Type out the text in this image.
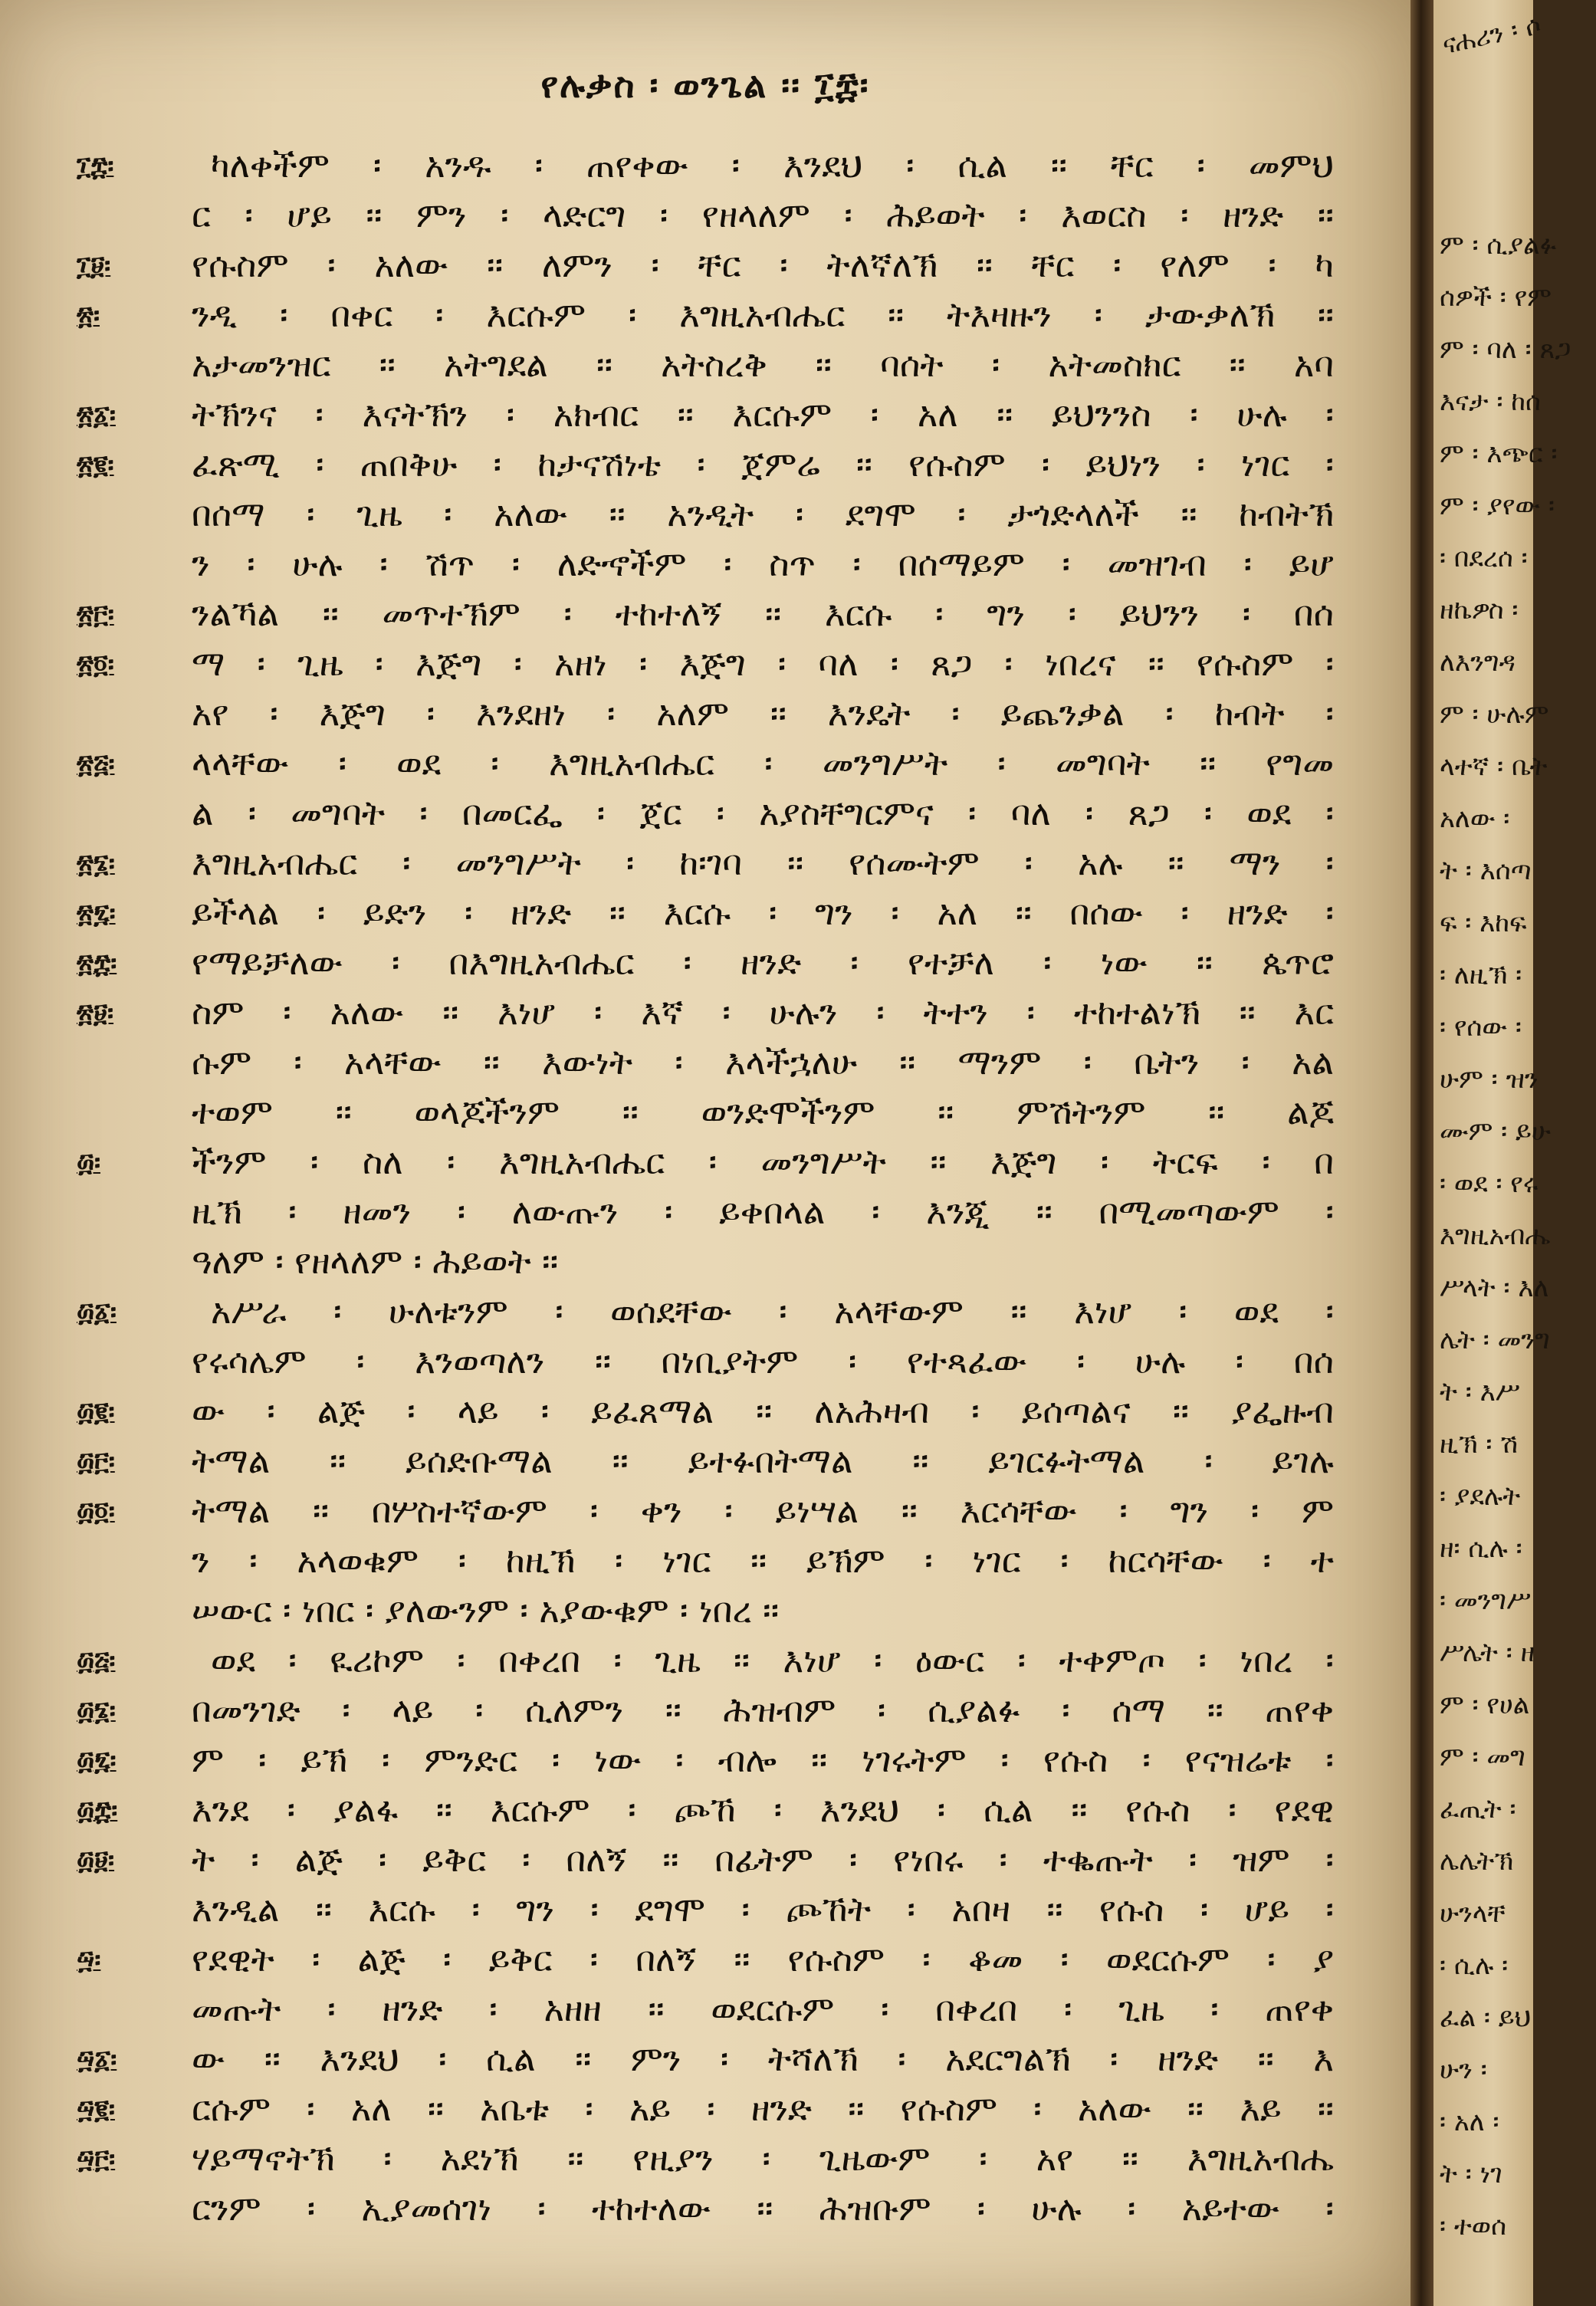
የሉቃስ ፡ ወንጌል ፡፡ ፲፰፡
፲፰፡	ካለቀችም ፡ አንዱ ፡ ጠየቀው ፡ እንደህ ፡ ሲል ፡፡ ቸር ፡ መምህ
ር ፡ ሆይ ፡፡ ምን ፡ ላድርግ ፡ የዘላለም ፡ ሕይወት ፡ እወርስ ፡ ዘንድ ፡፡
፲፱፡ የሱስም ፡ አለው ፡፡ ለምን ፡ ቸር ፡ ትለኛለኽ ፡፡ ቸር ፡ የለም ፡ ካ
፳፡	ንዲ ፡ በቀር ፡ እርሱም ፡ እግዚአብሔር ፡፡ ትእዛዙን ፡ ታውቃለኽ ፡፡
አታመንዝር ፡፡ አትግደል ፡፡ አትስረቅ ፡፡ ባሰት ፡ አትመስክር ፡፡ አባ
፳፩፡ ትኽንና ፡ እናትኽን ፡ አክብር ፡፡ እርሱም ፡ አለ ፡፡ ይህንንስ ፡ ሁሉ ፡
፳፪፡ ፈጽሚ ፡ ጠበቅሁ ፡ ከታናሽነቴ ፡ ጀምሬ ፡፡ የሱስም ፡ ይህነን ፡ ነገር ፡
በሰማ ፡ ጊዜ ፡ አለው ፡፡ አንዲት ፡ ደግሞ ፡ ታጎድላለች ፡፡ ከብትኽ
ን ፡ ሁሉ ፡ ሽጥ ፡ ለድኆችም ፡ ስጥ ፡ በሰማይም ፡ መዝገብ ፡ ይሆ
፳፫፡ ንልኻል ፡፡ መጥተኽም ፡ ተከተለኝ ፡፡ እርሱ ፡ ግን ፡ ይህንን ፡ በሰ
፳፬፡ ማ ፡ ጊዜ ፡ እጅግ ፡ አዘነ ፡ እጅግ ፡ ባለ ፡ ጸጋ ፡ ነበረና ፡፡ የሱስም ፡
አየ ፡ እጅግ ፡ እንደዘነ ፡ አለም ፡፡ እንዴት ፡ ይጨንቃል ፡ ከብት ፡
፳፭፡ ላላቸው ፡ ወደ ፡ እግዚአብሔር ፡ መንግሥት ፡ መግባት ፡፡ የግመ
ል ፡ መግባት ፡ በመርፌ ፡ ጀር ፡ አያስቸግርምና ፡ ባለ ፡ ጸጋ ፡ ወደ ፡
፳፮፡ እግዚአብሔር ፡ መንግሥት ፡ ከ፡ገባ ፡፡ የሰሙትም ፡ አሉ ፡፡ ማን ፡
፳፯፡ ይችላል ፡ ይድን ፡ ዘንድ ፡፡ እርሱ ፡ ግን ፡ አለ ፡፡ በሰው ፡ ዘንድ ፡
፳፰፡ የማይቻለው ፡ በእግዚአብሔር ፡ ዘንድ ፡ የተቻለ ፡ ነው ፡፡ ጴጥሮ
፳፱፡ ስም ፡ አለው ፡፡ እነሆ ፡ እኛ ፡ ሁሉን ፡ ትተን ፡ ተከተልነኽ ፡፡ እር
ሱም ፡ አላቸው ፡፡ እውነት ፡ እላችኋለሁ ፡፡ ማንም ፡ ቤትን ፡ አል
ተወም ፡፡ ወላጆችንም ፡፡ ወንድሞችንም ፡፡ ምሽትንም ፡፡ ልጆ
፴፡	ችንም ፡ ስለ ፡ እግዚአብሔር ፡ መንግሥት ፡፡ እጅግ ፡ ትርፍ ፡ በ
ዚኽ ፡ ዘመን ፡ ለውጡን ፡ ይቀበላል ፡ እንጂ ፡፡ በሚመጣውም ፡
ዓለም ፡ የዘላለም ፡ ሕይወት ፡፡
፴፩፡	አሥራ ፡ ሁለቱንም ፡ ወሰደቸው ፡ አላቸውም ፡፡ እነሆ ፡ ወደ ፡
የሩሳሌም ፡ እንወጣለን ፡፡ በነቢያትም ፡ የተጻፈው ፡ ሁሉ ፡ በሰ
፴፪፡ ው ፡ ልጅ ፡ ላይ ፡ ይፈጸማል ፡፡ ለአሕዛብ ፡ ይሰጣልና ፡፡ ያፌዙብ
፴፫፡ ትማል ፡፡ ይሰድቡማል ፡፡ ይተፉበትማል ፡፡ ይገርፉትማል ፡ ይገሉ
፴፬፡ ትማል ፡፡ በሦስተኛውም ፡ ቀን ፡ ይነሣል ፡፡ እርሳቸው ፡ ግን ፡ ም
ን ፡ አላወቁም ፡ ከዚኽ ፡ ነገር ፡፡ ይኽም ፡ ነገር ፡ ከርሳቸው ፡ ተ
ሠውር ፡ ነበር ፡ ያለውንም ፡ አያውቁም ፡ ነበረ ፡፡
፴፭፡	ወደ ፡ ዪሪኮም ፡ በቀረበ ፡ ጊዜ ፡፡ እነሆ ፡ ዕውር ፡ ተቀምጦ ፡ ነበረ ፡
፴፮፡ በመንገድ ፡ ላይ ፡ ሲለምን ፡፡ ሕዝብም ፡ ሲያልፉ ፡ ሰማ ፡፡ ጠየቀ
፴፯፡ ም ፡ ይኽ ፡ ምንድር ፡ ነው ፡ ብሎ ፡፡ ነገሩትም ፡ የሱስ ፡ የናዝሬቱ ፡
፴፰፡ እንደ ፡ ያልፋ ፡፡ እርሱም ፡ ጮኸ ፡ እንደህ ፡ ሲል ፡፡ የሱስ ፡ የደዊ
፴፱፡ ት ፡ ልጅ ፡ ይቅር ፡ በለኝ ፡፡ በፊትም ፡ የነበሩ ፡ ተቈጡት ፡ ዝም ፡
እንዲል ፡፡ እርሱ ፡ ግን ፡ ደግሞ ፡ ጮኸት ፡ አበዛ ፡፡ የሱስ ፡ ሆይ ፡
፵፡	የደዊት ፡ ልጅ ፡ ይቅር ፡ በለኝ ፡፡ የሱስም ፡ ቆመ ፡ ወደርሱም ፡ ያ
መጡት ፡ ዘንድ ፡ አዘዘ ፡፡ ወደርሱም ፡ በቀረበ ፡ ጊዜ ፡ ጠየቀ
፵፩፡ ው ፡፡ እንደህ ፡ ሲል ፡፡ ምን ፡ ትሻለኽ ፡ አደርግልኽ ፡ ዘንድ ፡፡ እ
፵፪፡ ርሱም ፡ አለ ፡፡ አቤቱ ፡ አይ ፡ ዘንድ ፡፡ የሱስም ፡ አለው ፡፡ እይ ፡፡
፵፫፡ ሃይማኖትኽ ፡ አደነኽ ፡፡ የዚያን ፡ ጊዜውም ፡ አየ ፡፡ እግዚአብሔ
ርንም ፡ ኢያመሰገነ ፡ ተከተለው ፡፡ ሕዝቡም ፡ ሁሉ ፡ አይተው ፡
ናሐሪን ፡ ሶ
ም ፡ ሲያልፉ
ሰዎች ፡ የም
ም ፡ ባለ ፡ ጸጋ
እናታ ፡ ከሰ
ም ፡ እጭር ፡
ም ፡ ያየው ፡
፡ በደረሰ ፡
ዘኬዎስ ፡
ለእንግዳ
ም ፡ ሁሉም
ላተኛ ፡ ቤት
አለው ፡
ት ፡ እሰጣ
ፍ ፡ እከፍ
፡ ለዚኽ ፡
፡ የሰው ፡
ሁም ፡ ዝን
ሙም ፡ ይሁ
፡ ወደ ፡ የሩ
እግዚአብሔ
ሥላት ፡ እለ
ሌት ፡ መንግ
ት ፡ እሥ
ዚኽ ፡ ሽ
፡ ያደሉት
ዘ፡ ሲሉ ፡
፡ መንግሥ
ሥሌት ፡ ዘ
ም ፡ የሀል
ም ፡ መግ
ፈጢት ፡
ሌሌትኽ
ሁንላቸ
፡ ሲሉ ፡
ፈል ፡ ይህ
ሁን ፡
፡ አለ ፡
ት ፡ ነገ
፡ ተወሰ
